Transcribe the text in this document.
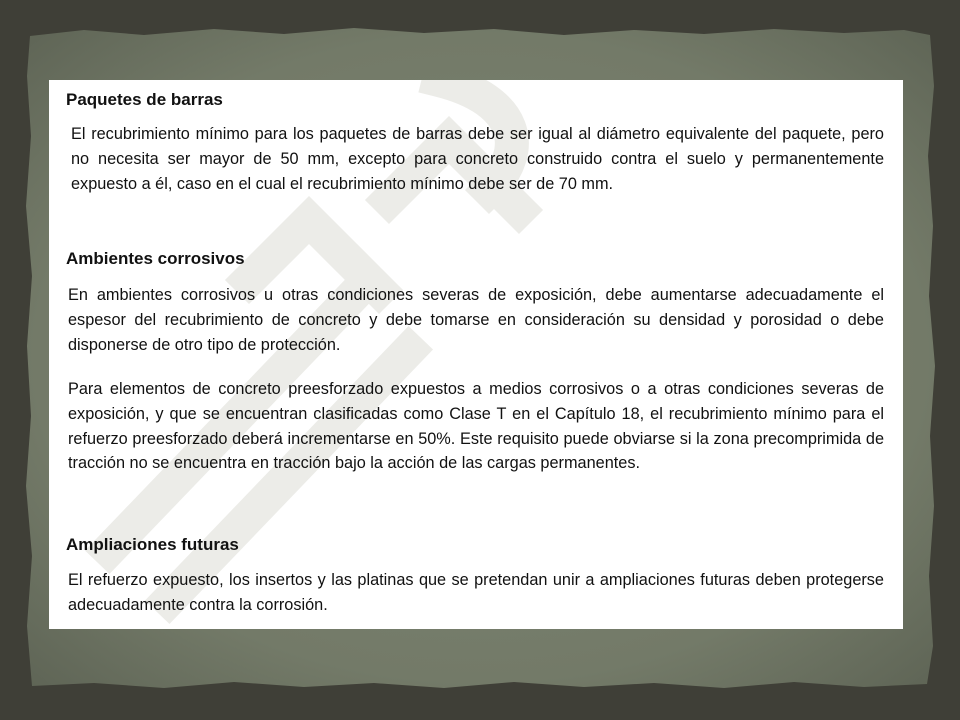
Paquetes de barras

El recubrimiento mínimo para los paquetes de barras debe ser igual al diámetro equivalente del paquete, pero no necesita ser mayor de 50 mm, excepto para concreto construido contra el suelo y permanentemente expuesto a él, caso en el cual el recubrimiento mínimo debe ser de 70 mm.

Ambientes corrosivos

En ambientes corrosivos u otras condiciones severas de exposición, debe aumentarse adecuadamente el espesor del recubrimiento de concreto y debe tomarse en consideración su densidad y porosidad o debe disponerse de otro tipo de protección.

Para elementos de concreto preesforzado expuestos a medios corrosivos o a otras condiciones severas de exposición, y que se encuentran clasificadas como Clase T en el Capítulo 18, el recubrimiento mínimo para el refuerzo preesforzado deberá incrementarse en 50%. Este requisito puede obviarse si la zona precomprimida de tracción no se encuentra en tracción bajo la acción de las cargas permanentes.

Ampliaciones futuras

El refuerzo expuesto, los insertos y las platinas que se pretendan unir a ampliaciones futuras deben protegerse adecuadamente contra la corrosión.
